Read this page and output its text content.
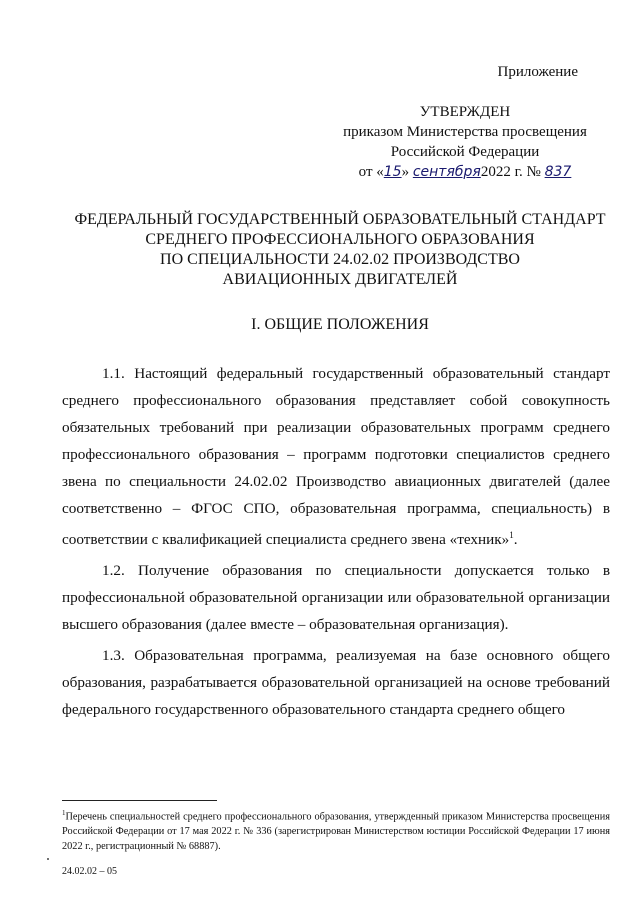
Приложение
УТВЕРЖДЕН
приказом Министерства просвещения
Российской Федерации
от «15» сентября2022 г. № 837
ФЕДЕРАЛЬНЫЙ ГОСУДАРСТВЕННЫЙ ОБРАЗОВАТЕЛЬНЫЙ СТАНДАРТ
СРЕДНЕГО ПРОФЕССИОНАЛЬНОГО ОБРАЗОВАНИЯ
ПО СПЕЦИАЛЬНОСТИ 24.02.02 ПРОИЗВОДСТВО
АВИАЦИОННЫХ ДВИГАТЕЛЕЙ
I. ОБЩИЕ ПОЛОЖЕНИЯ

1.1. Настоящий федеральный государственный образовательный стандарт среднего профессионального образования представляет собой совокупность обязательных требований при реализации образовательных программ среднего профессионального образования – программ подготовки специалистов среднего звена по специальности 24.02.02 Производство авиационных двигателей (далее соответственно – ФГОС СПО, образовательная программа, специальность) в соответствии с квалификацией специалиста среднего звена «техник»$^1$.

1.2. Получение образования по специальности допускается только в профессиональной образовательной организации или образовательной организации высшего образования (далее вместе – образовательная организация).

1.3. Образовательная программа, реализуемая на базе основного общего образования, разрабатывается образовательной организацией на основе требований федерального государственного образовательного стандарта среднего общего

$^1$Перечень специальностей среднего профессионального образования, утвержденный приказом Министерства просвещения Российской Федерации от 17 мая 2022 г. № 336 (зарегистрирован Министерством юстиции Российской Федерации 17 июня 2022 г., регистрационный № 68887).
24.02.02 – 05
